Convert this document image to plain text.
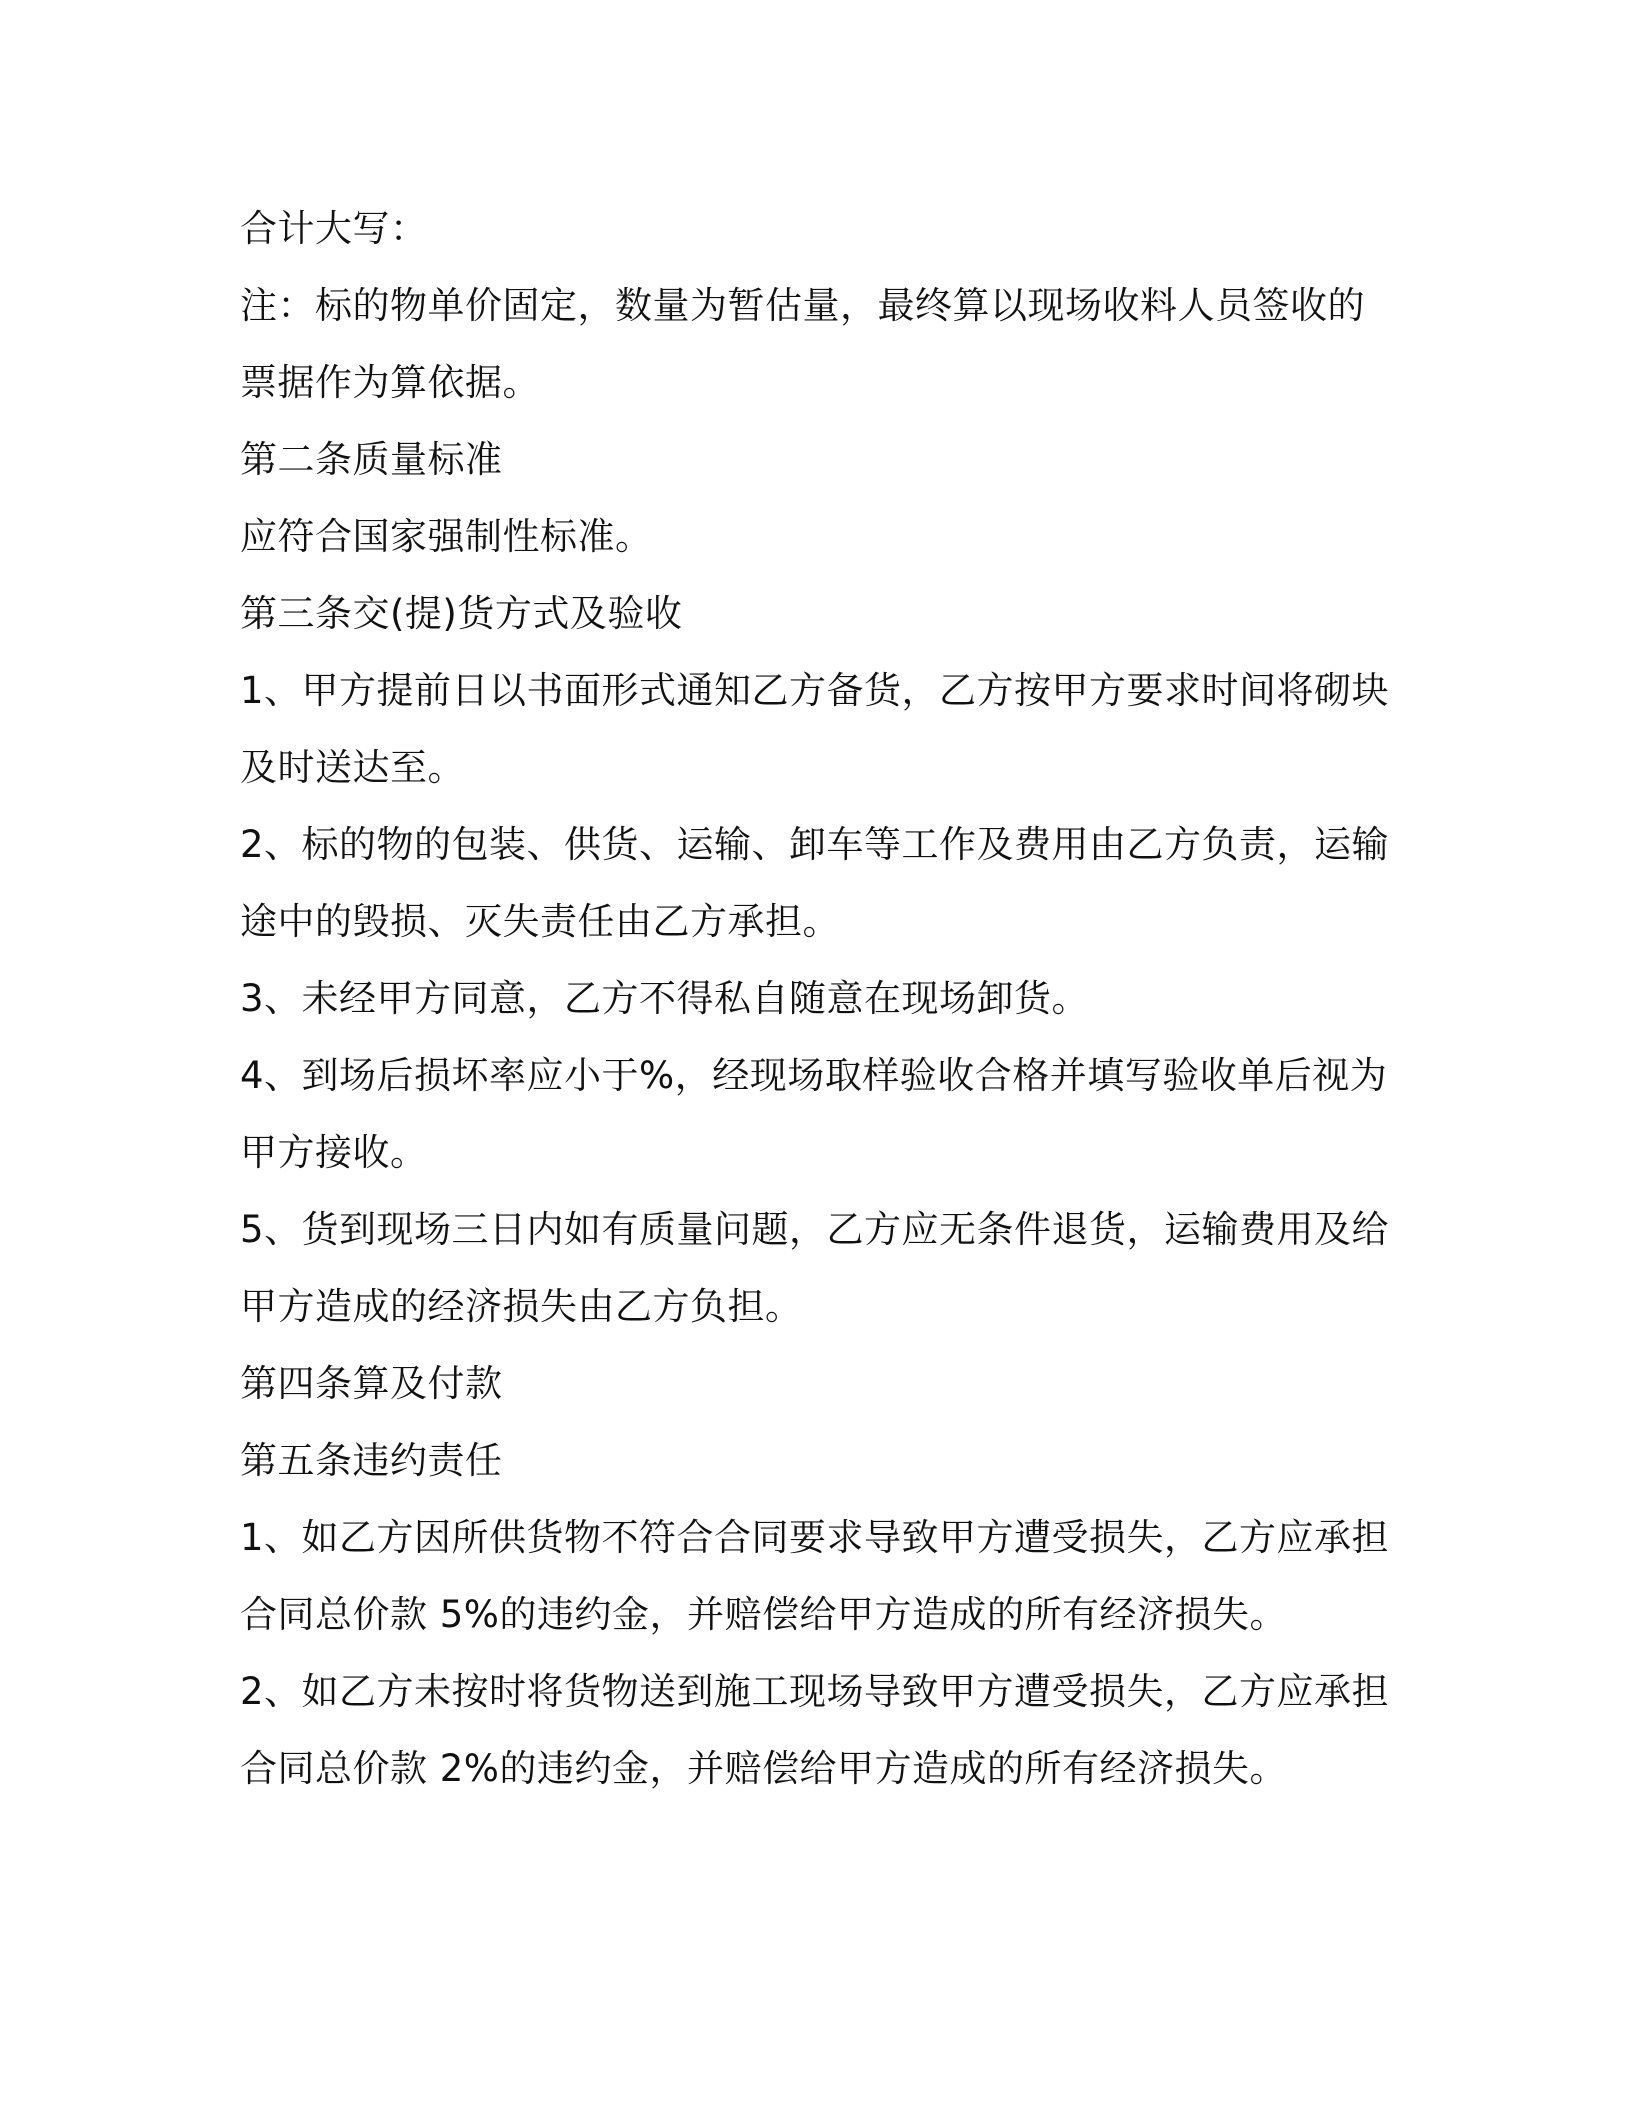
合计大写：
注：标的物单价固定，数量为暂估量，最终算以现场收料人员签收的
票据作为算依据。
第二条质量标准
应符合国家强制性标准。
第三条交(提)货方式及验收
1、甲方提前日以书面形式通知乙方备货，乙方按甲方要求时间将砌块
及时送达至。
2、标的物的包装、供货、运输、卸车等工作及费用由乙方负责，运输
途中的毁损、灭失责任由乙方承担。
3、未经甲方同意，乙方不得私自随意在现场卸货。
4、到场后损坏率应小于%，经现场取样验收合格并填写验收单后视为
甲方接收。
5、货到现场三日内如有质量问题，乙方应无条件退货，运输费用及给
甲方造成的经济损失由乙方负担。
第四条算及付款
第五条违约责任
1、如乙方因所供货物不符合合同要求导致甲方遭受损失，乙方应承担
合同总价款 5%的违约金，并赔偿给甲方造成的所有经济损失。
2、如乙方未按时将货物送到施工现场导致甲方遭受损失，乙方应承担
合同总价款 2%的违约金，并赔偿给甲方造成的所有经济损失。
